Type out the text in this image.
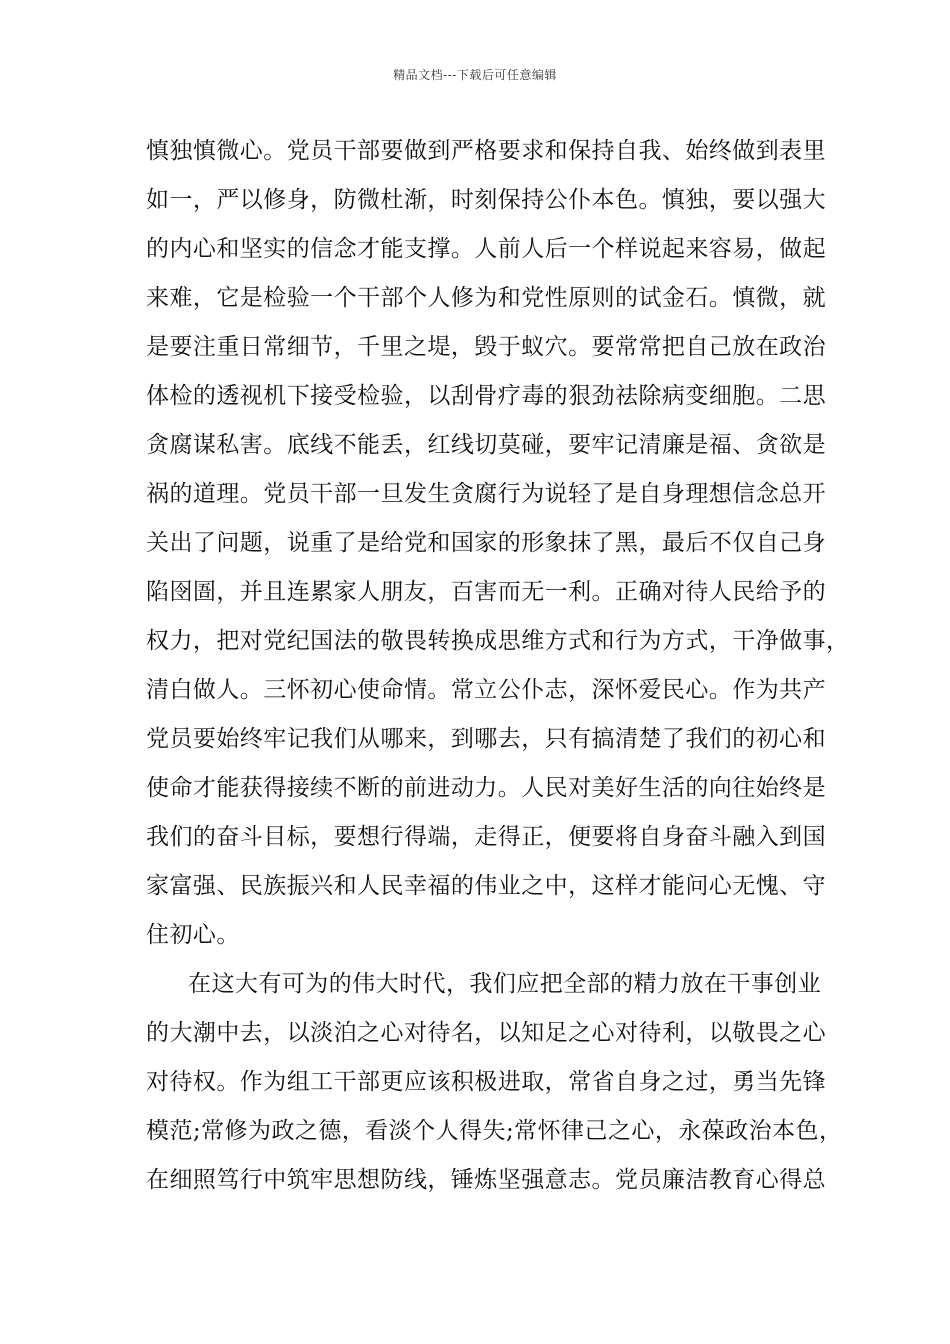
精品文档---下载后可任意编辑
慎独慎微心。党员干部要做到严格要求和保持自我、始终做到表里
如一，严以修身，防微杜渐，时刻保持公仆本色。慎独，要以强大
的内心和坚实的信念才能支撑。人前人后一个样说起来容易，做起
来难，它是检验一个干部个人修为和党性原则的试金石。慎微，就
是要注重日常细节，千里之堤，毁于蚁穴。要常常把自己放在政治
体检的透视机下接受检验，以刮骨疗毒的狠劲祛除病变细胞。二思
贪腐谋私害。底线不能丢，红线切莫碰，要牢记清廉是福、贪欲是
祸的道理。党员干部一旦发生贪腐行为说轻了是自身理想信念总开
关出了问题，说重了是给党和国家的形象抹了黑，最后不仅自己身
陷囹圄，并且连累家人朋友，百害而无一利。正确对待人民给予的
权力，把对党纪国法的敬畏转换成思维方式和行为方式，干净做事，
清白做人。三怀初心使命情。常立公仆志，深怀爱民心。作为共产
党员要始终牢记我们从哪来，到哪去，只有搞清楚了我们的初心和
使命才能获得接续不断的前进动力。人民对美好生活的向往始终是
我们的奋斗目标，要想行得端，走得正，便要将自身奋斗融入到国
家富强、民族振兴和人民幸福的伟业之中，这样才能问心无愧、守
住初心。
在这大有可为的伟大时代，我们应把全部的精力放在干事创业
的大潮中去，以淡泊之心对待名，以知足之心对待利，以敬畏之心
对待权。作为组工干部更应该积极进取，常省自身之过，勇当先锋
模范;常修为政之德，看淡个人得失;常怀律己之心，永葆政治本色，
在细照笃行中筑牢思想防线，锤炼坚强意志。党员廉洁教育心得总
